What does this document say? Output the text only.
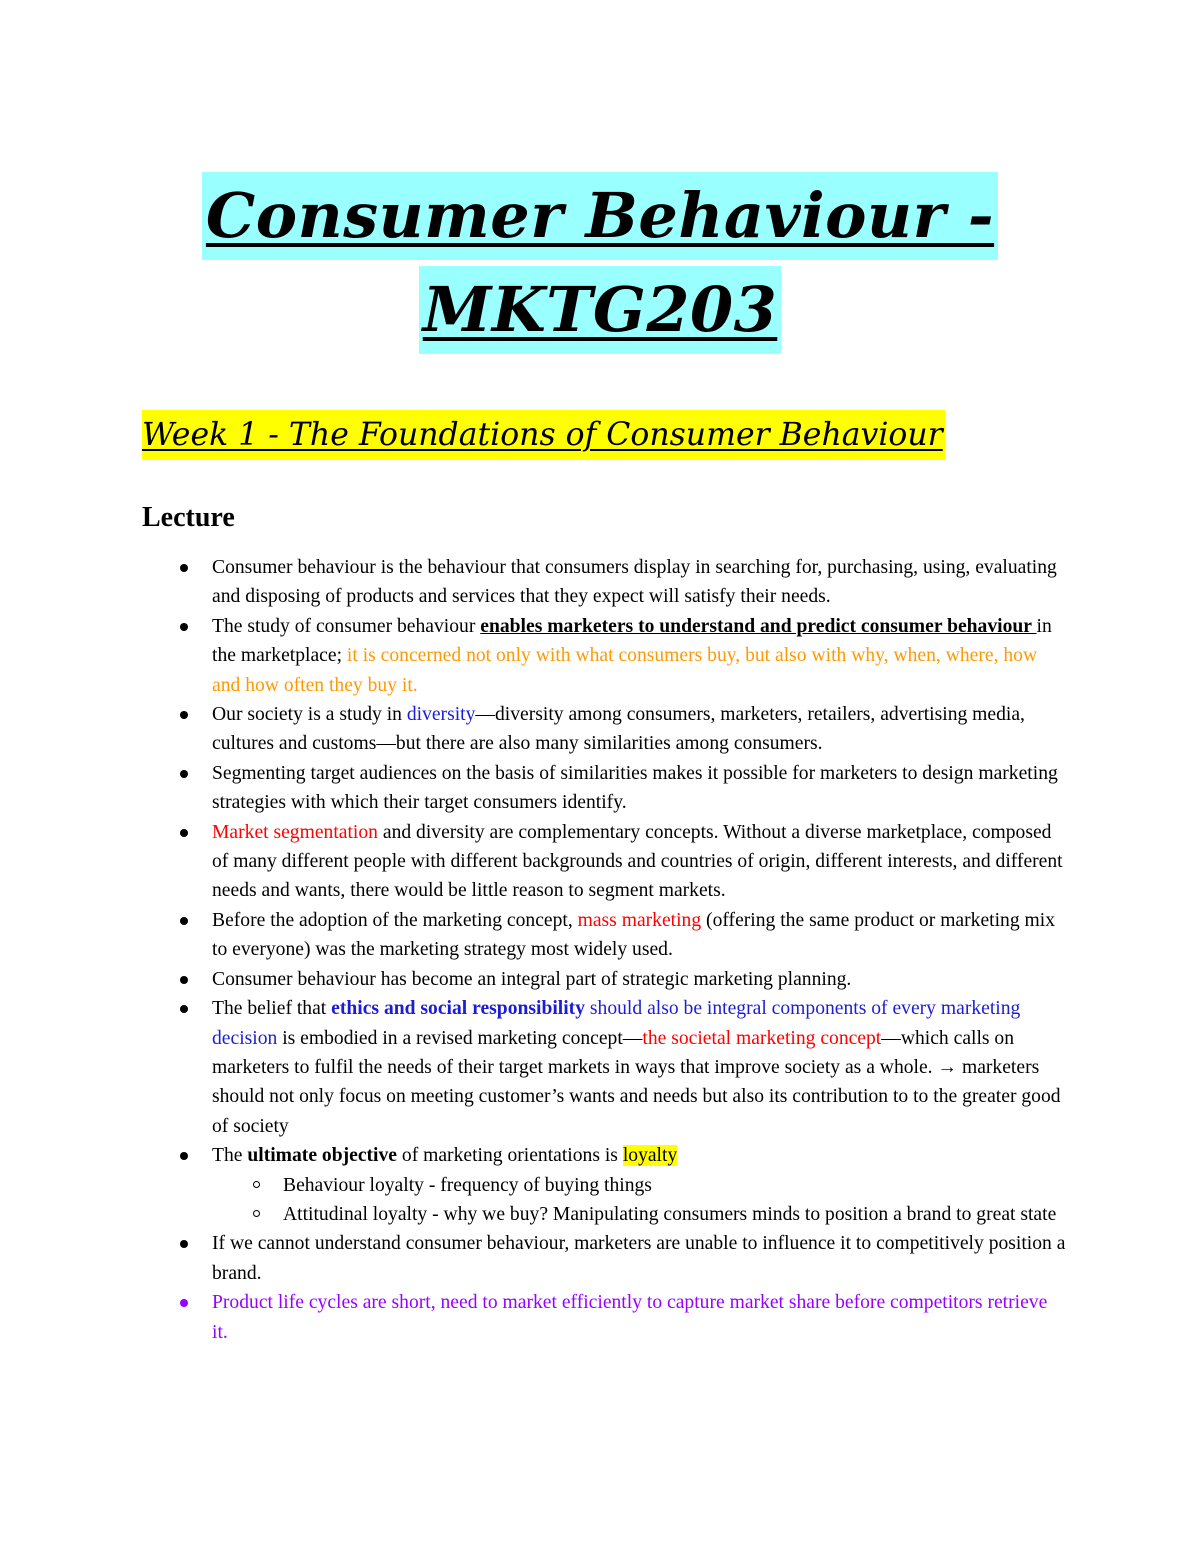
Consumer Behaviour -
MKTG203
Week 1 - The Foundations of Consumer Behaviour
Lecture
Consumer behaviour is the behaviour that consumers display in searching for, purchasing, using, evaluating and disposing of products and services that they expect will satisfy their needs.
The study of consumer behaviour enables marketers to understand and predict consumer behaviour in the marketplace; it is concerned not only with what consumers buy, but also with why, when, where, how and how often they buy it.
Our society is a study in diversity—diversity among consumers, marketers, retailers, advertising media, cultures and customs—but there are also many similarities among consumers.
Segmenting target audiences on the basis of similarities makes it possible for marketers to design marketing strategies with which their target consumers identify.
Market segmentation and diversity are complementary concepts. Without a diverse marketplace, composed of many different people with different backgrounds and countries of origin, different interests, and different needs and wants, there would be little reason to segment markets.
Before the adoption of the marketing concept, mass marketing (offering the same product or marketing mix to everyone) was the marketing strategy most widely used.
Consumer behaviour has become an integral part of strategic marketing planning.
The belief that ethics and social responsibility should also be integral components of every marketing decision is embodied in a revised marketing concept—the societal marketing concept—which calls on marketers to fulfil the needs of their target markets in ways that improve society as a whole. → marketers should not only focus on meeting customer’s wants and needs but also its contribution to to the greater good of society
The ultimate objective of marketing orientations is loyalty
Behaviour loyalty - frequency of buying things
Attitudinal loyalty - why we buy? Manipulating consumers minds to position a brand to great state
If we cannot understand consumer behaviour, marketers are unable to influence it to competitively position a brand.
Product life cycles are short, need to market efficiently to capture market share before competitors retrieve it.
